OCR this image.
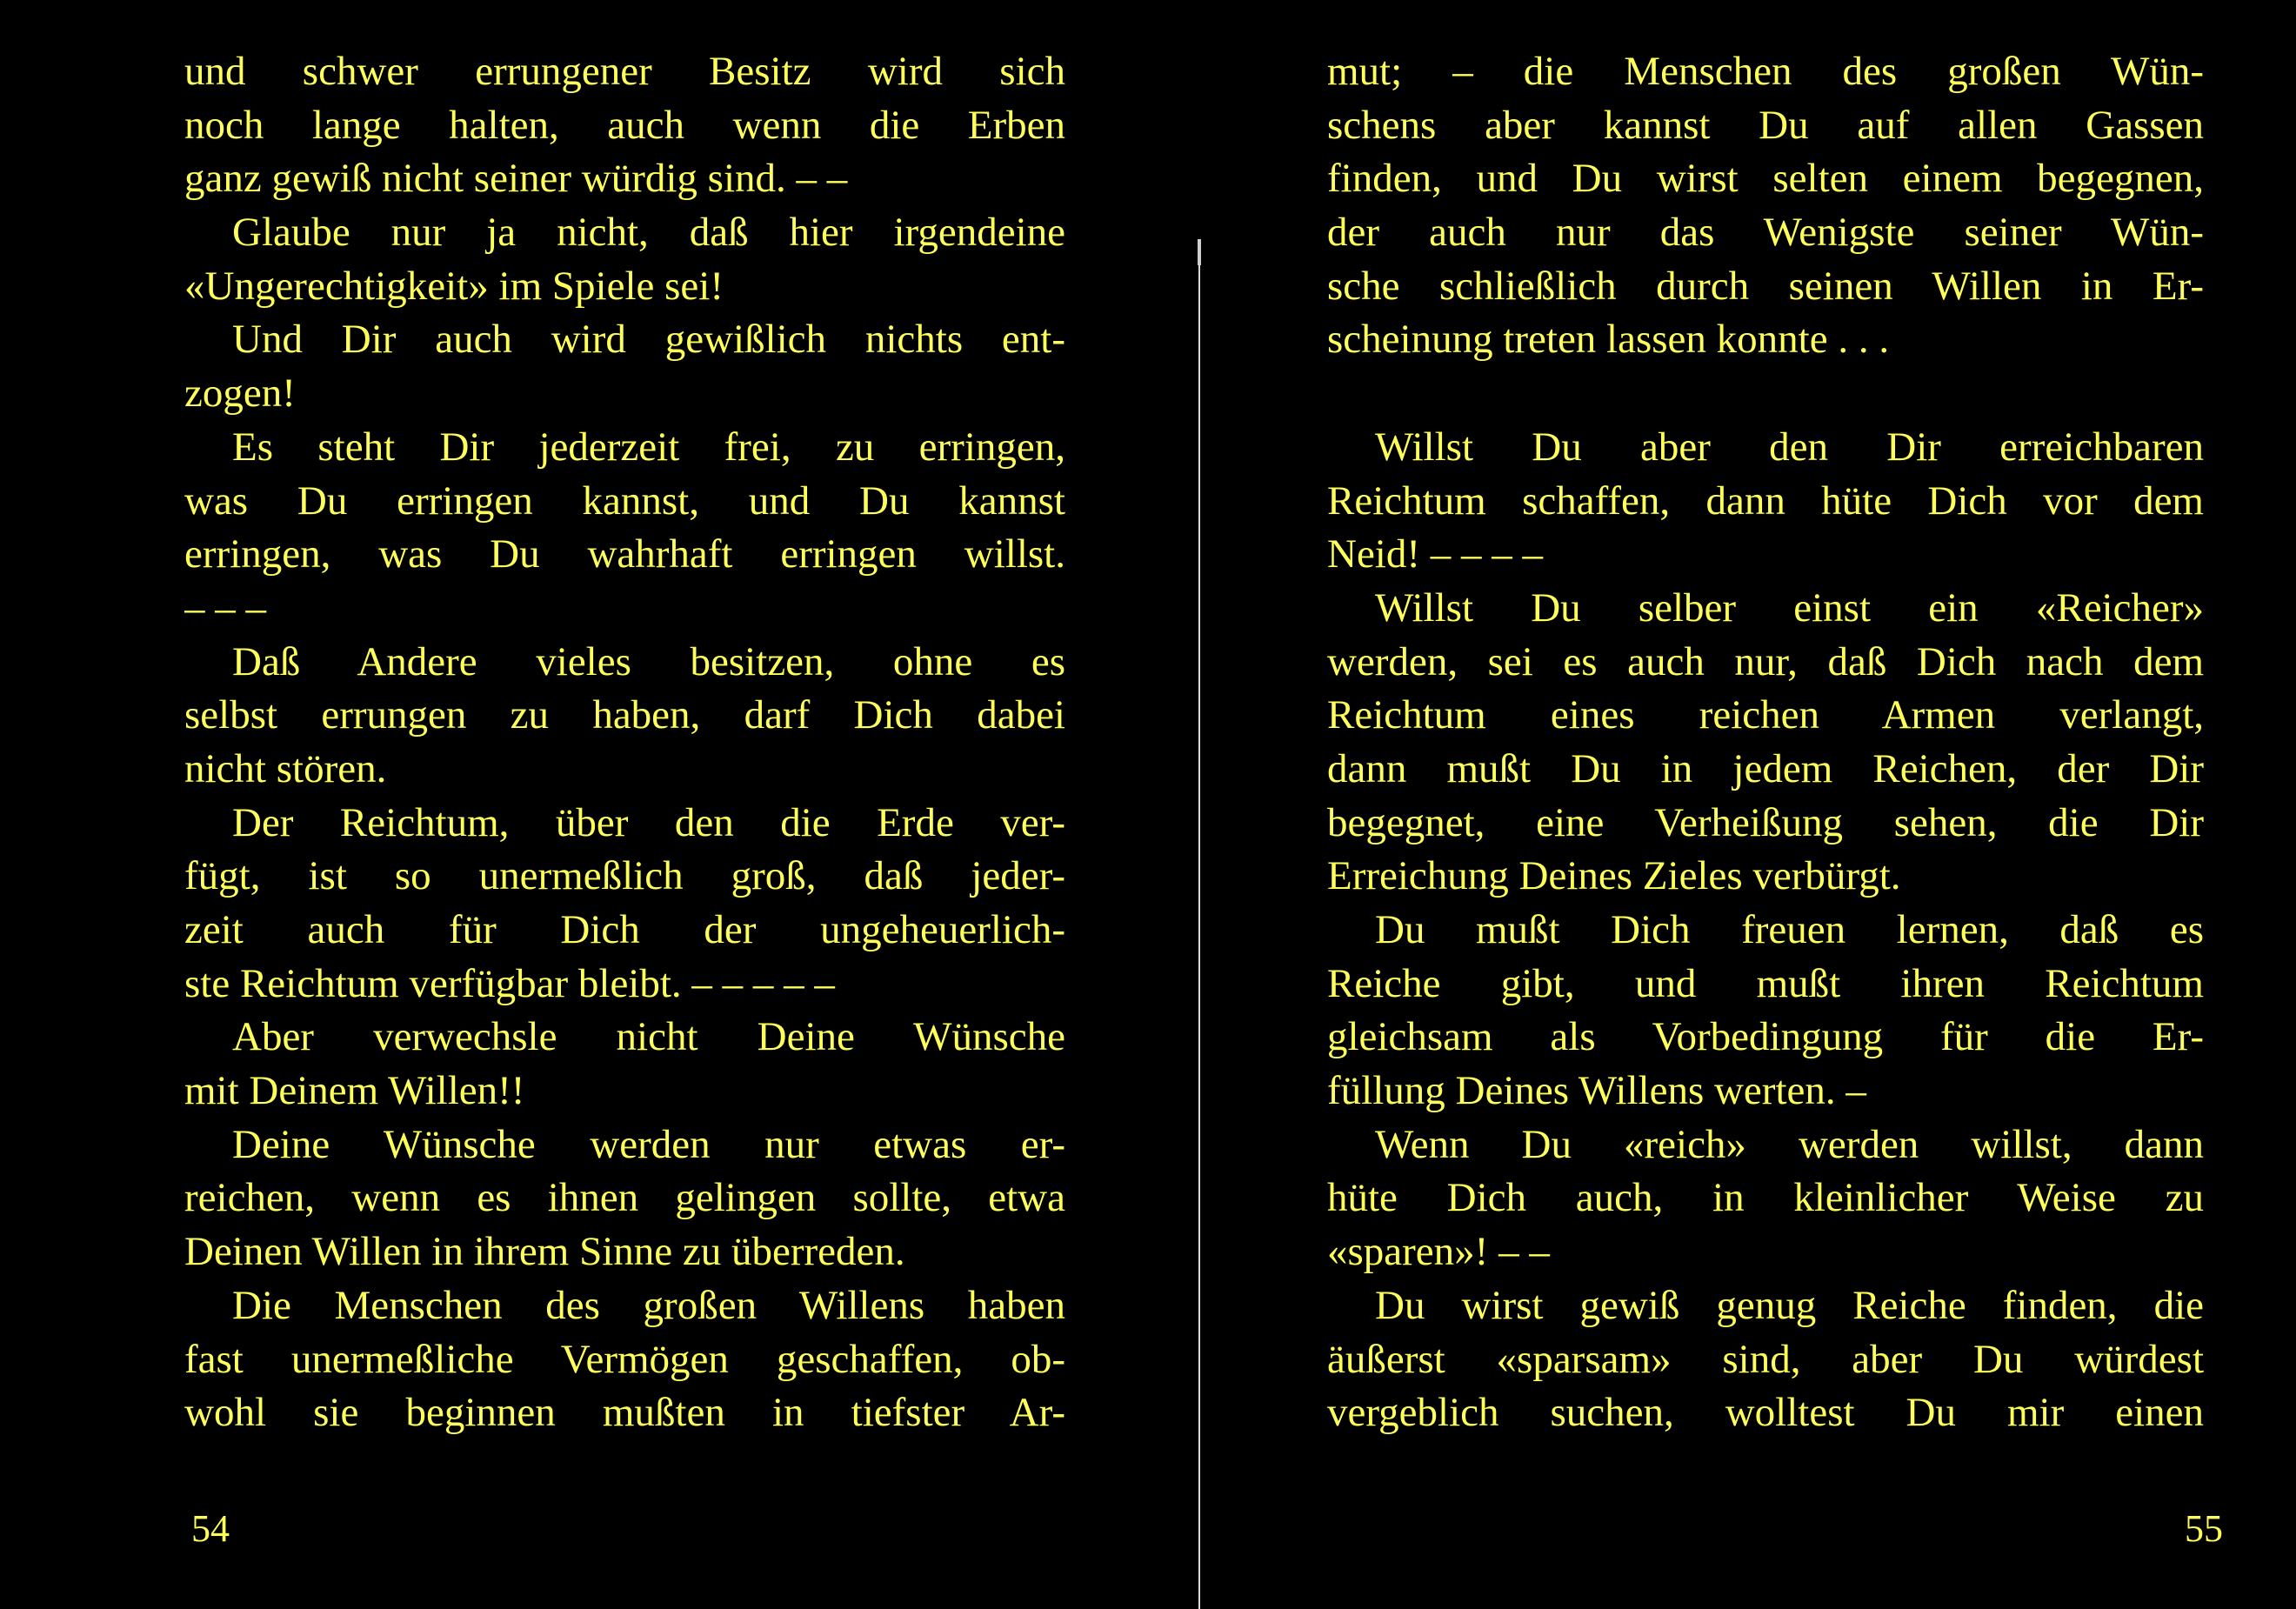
und schwer errungener Besitz wird sich
noch lange halten, auch wenn die Erben
ganz gewiß nicht seiner würdig sind. – –
Glaube nur ja nicht, daß hier irgendeine
«Ungerechtigkeit» im Spiele sei!
Und Dir auch wird gewißlich nichts ent-
zogen!
Es steht Dir jederzeit frei, zu erringen,
was Du erringen kannst, und Du kannst
erringen, was Du wahrhaft erringen willst.
– – –
Daß Andere vieles besitzen, ohne es
selbst errungen zu haben, darf Dich dabei
nicht stören.
Der Reichtum, über den die Erde ver-
fügt, ist so unermeßlich groß, daß jeder-
zeit auch für Dich der ungeheuerlich-
ste Reichtum verfügbar bleibt. – – – – –
Aber verwechsle nicht Deine Wünsche
mit Deinem Willen!!
Deine Wünsche werden nur etwas er-
reichen, wenn es ihnen gelingen sollte, etwa
Deinen Willen in ihrem Sinne zu überreden.
Die Menschen des großen Willens haben
fast unermeßliche Vermögen geschaffen, ob-
wohl sie beginnen mußten in tiefster Ar-
54
mut; – die Menschen des großen Wün-
schens aber kannst Du auf allen Gassen
finden, und Du wirst selten einem begegnen,
der auch nur das Wenigste seiner Wün-
sche schließlich durch seinen Willen in Er-
scheinung treten lassen konnte . . .
Willst Du aber den Dir erreichbaren
Reichtum schaffen, dann hüte Dich vor dem
Neid! – – – –
Willst Du selber einst ein «Reicher»
werden, sei es auch nur, daß Dich nach dem
Reichtum eines reichen Armen verlangt,
dann mußt Du in jedem Reichen, der Dir
begegnet, eine Verheißung sehen, die Dir
Erreichung Deines Zieles verbürgt.
Du mußt Dich freuen lernen, daß es
Reiche gibt, und mußt ihren Reichtum
gleichsam als Vorbedingung für die Er-
füllung Deines Willens werten. –
Wenn Du «reich» werden willst, dann
hüte Dich auch, in kleinlicher Weise zu
«sparen»! – –
Du wirst gewiß genug Reiche finden, die
äußerst «sparsam» sind, aber Du würdest
vergeblich suchen, wolltest Du mir einen
55
